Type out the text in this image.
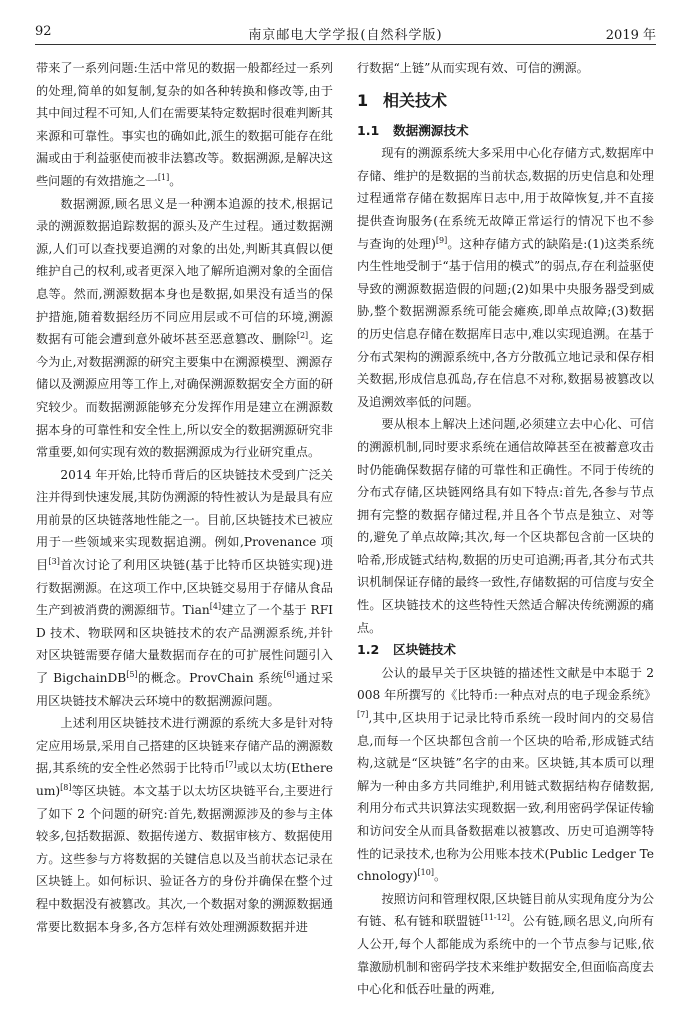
92	南京邮电大学学报(自然科学版)	2019 年

带来了一系列问题:生活中常见的数据一般都经过一系列的处理,简单的如复制,复杂的如各种转换和修改等,由于其中间过程不可知,人们在需要某特定数据时很难判断其来源和可靠性。事实也的确如此,派生的数据可能存在纰漏或由于利益驱使而被非法篡改等。数据溯源,是解决这些问题的有效措施之一[1]。

数据溯源,顾名思义是一种溯本追源的技术,根据记录的溯源数据追踪数据的源头及产生过程。通过数据溯源,人们可以查找要追溯的对象的出处,判断其真假以便维护自己的权利,或者更深入地了解所追溯对象的全面信息等。然而,溯源数据本身也是数据,如果没有适当的保护措施,随着数据经历不同应用层或不可信的环境,溯源数据有可能会遭到意外破坏甚至恶意篡改、删除[2]。迄今为止,对数据溯源的研究主要集中在溯源模型、溯源存储以及溯源应用等工作上,对确保溯源数据安全方面的研究较少。而数据溯源能够充分发挥作用是建立在溯源数据本身的可靠性和安全性上,所以安全的数据溯源研究非常重要,如何实现有效的数据溯源成为行业研究重点。

2014 年开始,比特币背后的区块链技术受到广泛关注并得到快速发展,其防伪溯源的特性被认为是最具有应用前景的区块链落地性能之一。目前,区块链技术已被应用于一些领域来实现数据追溯。例如,Provenance 项目[3]首次讨论了利用区块链(基于比特币区块链实现)进行数据溯源。在这项工作中,区块链交易用于存储从食品生产到被消费的溯源细节。Tian[4]建立了一个基于 RFID 技术、物联网和区块链技术的农产品溯源系统,并针对区块链需要存储大量数据而存在的可扩展性问题引入了 BigchainDB[5]的概念。ProvChain 系统[6]通过采用区块链技术解决云环境中的数据溯源问题。

上述利用区块链技术进行溯源的系统大多是针对特定应用场景,采用自己搭建的区块链来存储产品的溯源数据,其系统的安全性必然弱于比特币[7]或以太坊(Ethereum)[8]等区块链。本文基于以太坊区块链平台,主要进行了如下 2 个问题的研究:首先,数据溯源涉及的参与主体较多,包括数据源、数据传递方、数据审核方、数据使用方。这些参与方将数据的关键信息以及当前状态记录在区块链上。如何标识、验证各方的身份并确保在整个过程中数据没有被篡改。其次,一个数据对象的溯源数据通常要比数据本身多,各方怎样有效处理溯源数据并进

行数据“上链”从而实现有效、可信的溯源。

1 相关技术
1.1 数据溯源技术

现有的溯源系统大多采用中心化存储方式,数据库中存储、维护的是数据的当前状态,数据的历史信息和处理过程通常存储在数据库日志中,用于故障恢复,并不直接提供查询服务(在系统无故障正常运行的情况下也不参与查询的处理)[9]。这种存储方式的缺陷是:(1)这类系统内生性地受制于“基于信用的模式”的弱点,存在利益驱使导致的溯源数据造假的问题;(2)如果中央服务器受到威胁,整个数据溯源系统可能会瘫痪,即单点故障;(3)数据的历史信息存储在数据库日志中,难以实现追溯。在基于分布式架构的溯源系统中,各方分散孤立地记录和保存相关数据,形成信息孤岛,存在信息不对称,数据易被篡改以及追溯效率低的问题。

要从根本上解决上述问题,必须建立去中心化、可信的溯源机制,同时要求系统在通信故障甚至在被蓄意攻击时仍能确保数据存储的可靠性和正确性。不同于传统的分布式存储,区块链网络具有如下特点:首先,各参与节点拥有完整的数据存储过程,并且各个节点是独立、对等的,避免了单点故障;其次,每一个区块都包含前一区块的哈希,形成链式结构,数据的历史可追溯;再者,其分布式共识机制保证存储的最终一致性,存储数据的可信度与安全性。区块链技术的这些特性天然适合解决传统溯源的痛点。

1.2 区块链技术

公认的最早关于区块链的描述性文献是中本聪于 2008 年所撰写的《比特币:一种点对点的电子现金系统》[7],其中,区块用于记录比特币系统一段时间内的交易信息,而每一个区块都包含前一个区块的哈希,形成链式结构,这就是“区块链”名字的由来。区块链,其本质可以理解为一种由多方共同维护,利用链式数据结构存储数据,利用分布式共识算法实现数据一致,利用密码学保证传输和访问安全从而具备数据难以被篡改、历史可追溯等特性的记录技术,也称为公用账本技术(Public Ledger Technology)[10]。

按照访问和管理权限,区块链目前从实现角度分为公有链、私有链和联盟链[11-12]。公有链,顾名思义,向所有人公开,每个人都能成为系统中的一个节点参与记账,依靠激励机制和密码学技术来维护数据安全,但面临高度去中心化和低吞吐量的两难,
